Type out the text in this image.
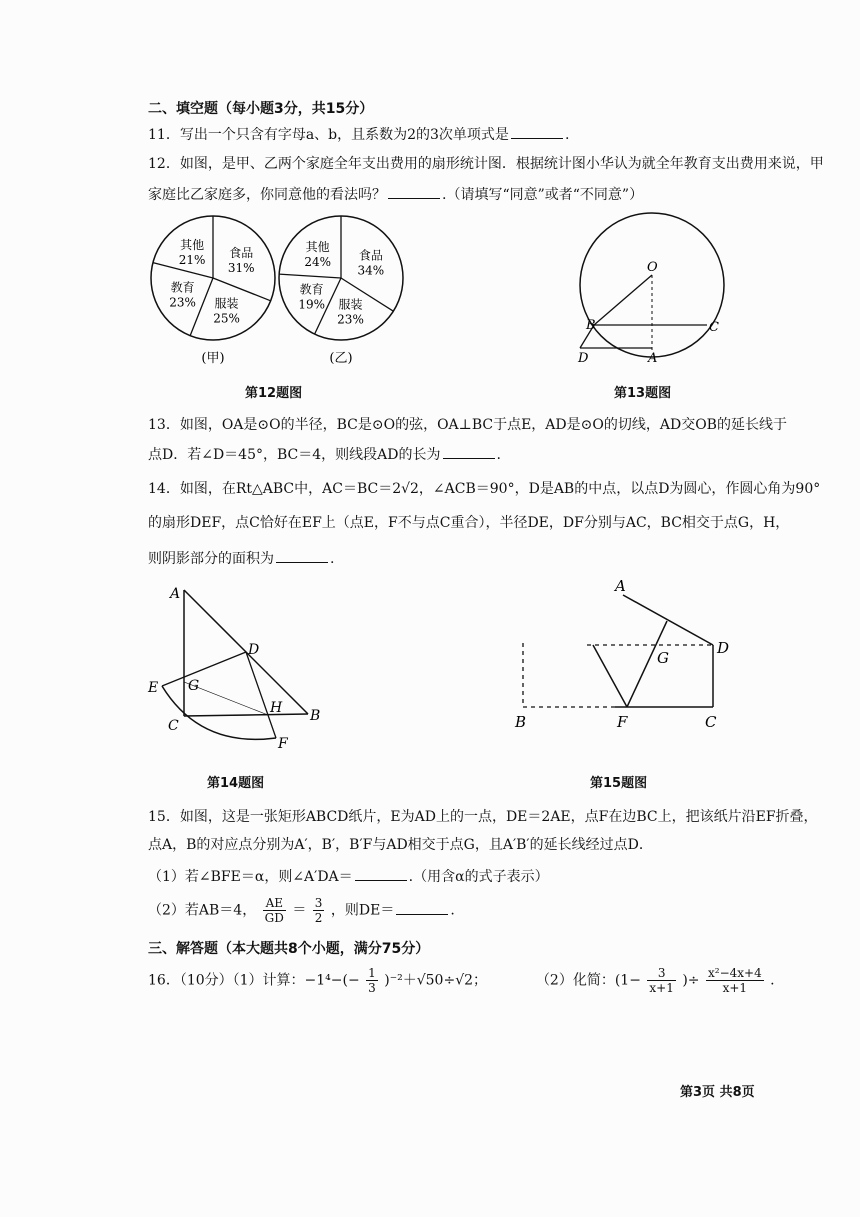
二、填空题（每小题3分，共15分）
11．写出一个只含有字母a、b，且系数为2的3次单项式是	.
12．如图，是甲、乙两个家庭全年支出费用的扇形统计图．根据统计图小华认为就全年教育支出费用来说，甲
家庭比乙家庭多，你同意他的看法吗？	.（请填写“同意”或者“不同意”）
食品
31%
服装
25%
教育
23%
其他
21%	食品
34%
服装
23%
教育
19%
其他
24%
(甲)	(乙)
第12题图
O
B	C
D	A
第13题图
13．如图，OA是⊙O的半径，BC是⊙O的弦，OA⊥BC于点E，AD是⊙O的切线，AD交OB的延长线于
点D．若∠D＝45°，BC＝4，则线段AD的长为	.
14．如图，在Rt△ABC中，AC＝BC＝2√2，∠ACB＝90°，D是AB的中点，以点D为圆心，作圆心角为90°
的扇形DEF，点C恰好在EF上（点E，F不与点C重合），半径DE，DF分别与AC，BC相交于点G，H，
则阴影部分的面积为	.
A
D
E G
C
H B
F
第14题图
A
G
D
B	F	C
第15题图
15．如图，这是一张矩形ABCD纸片，E为AD上的一点，DE＝2AE，点F在边BC上，把该纸片沿EF折叠，
点A，B的对应点分别为A′，B′，B′F与AD相交于点G，且A′B′的延长线经过点D．
（1）若∠BFE＝α，则∠A′DA＝	.（用含α的式子表示）
（2）若AB＝4， $\frac{AE}{GD} = \frac{3}{2}$ ，则DE＝	.
三、解答题（本大题共8个小题，满分75分）
16．（10分）（1）计算：$-1^4-(- \frac{1}{3} )^{-2}+√50\div√2$；	（2）化简：($1- \frac{3}{x+1}$ )÷ $\frac{\text{x²−4x+4}}{x+1}$ .
第3页 共8页
